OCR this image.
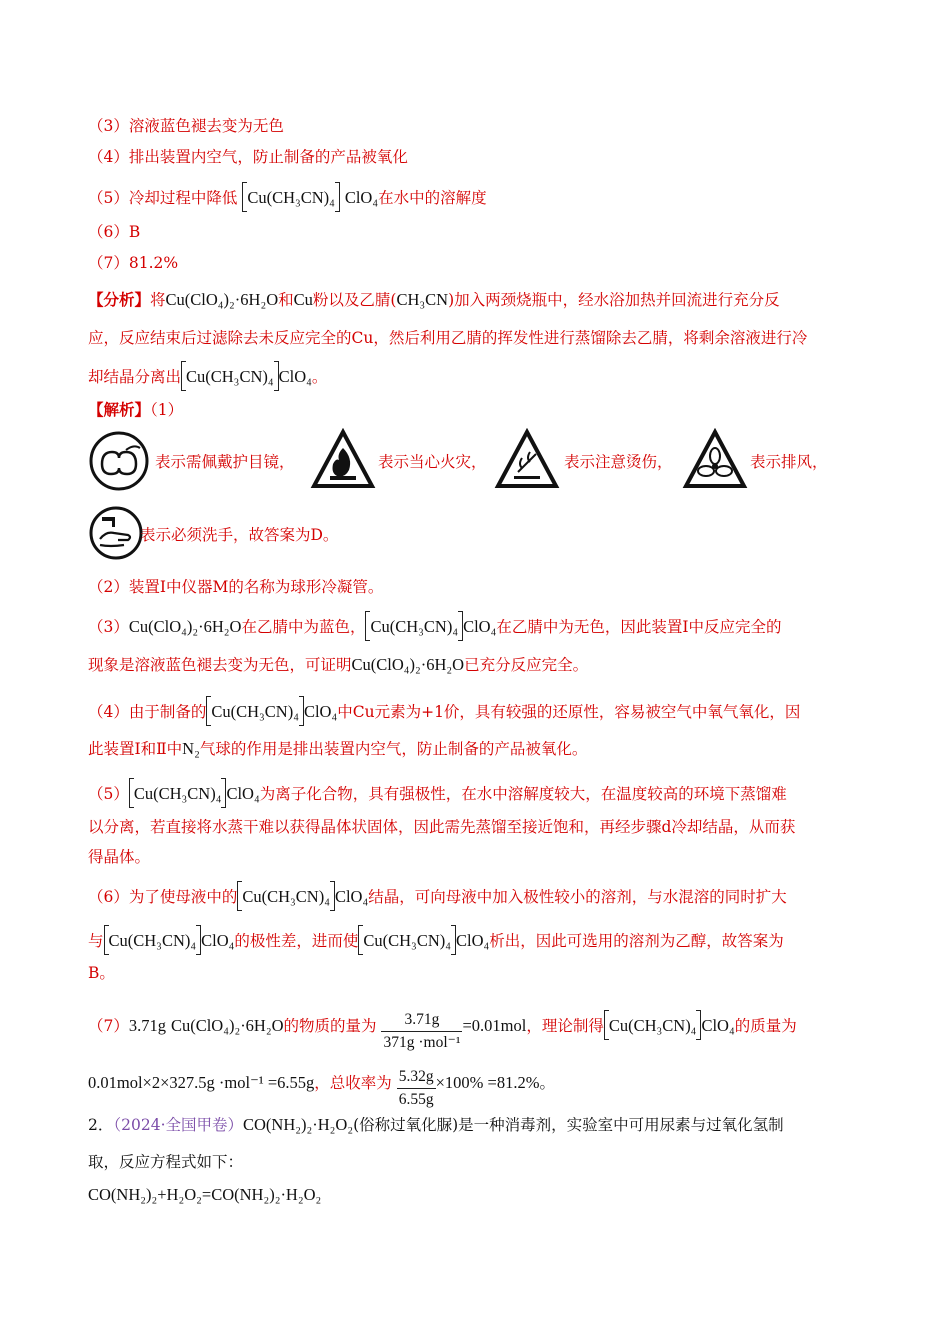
（3）溶液蓝色褪去变为无色
（4）排出装置内空气，防止制备的产品被氧化
（5）冷却过程中降低 Cu(CH₃CN)₄ ClO₄在水中的溶解度
（6）B
（7）81.2%
【分析】将Cu(ClO₄)₂·6H₂O和Cu粉以及乙腈(CH₃CN)加入两颈烧瓶中，经水浴加热并回流进行充分反
应，反应结束后过滤除去未反应完全的Cu，然后利用乙腈的挥发性进行蒸馏除去乙腈，将剩余溶液进行冷
却结晶分离出 Cu(CH₃CN)₄ ClO₄。
【解析】（1）
表示需佩戴护目镜，	表示当心火灾，	表示注意烫伤，	表示排风，
表示必须洗手，故答案为D。
（2）装置Ⅰ中仪器M的名称为球形冷凝管。
（3）Cu(ClO₄)₂·6H₂O在乙腈中为蓝色， Cu(CH₃CN)₄ ClO₄在乙腈中为无色，因此装置Ⅰ中反应完全的
现象是溶液蓝色褪去变为无色，可证明Cu(ClO₄)₂·6H₂O已充分反应完全。
（4）由于制备的 Cu(CH₃CN)₄ ClO₄中Cu元素为+1价，具有较强的还原性，容易被空气中氧气氧化，因
此装置Ⅰ和Ⅱ中N₂气球的作用是排出装置内空气，防止制备的产品被氧化。
（5） Cu(CH₃CN)₄ ClO₄为离子化合物，具有强极性，在水中溶解度较大，在温度较高的环境下蒸馏难
以分离，若直接将水蒸干难以获得晶体状固体，因此需先蒸馏至接近饱和，再经步骤d冷却结晶，从而获
得晶体。
（6）为了使母液中的 Cu(CH₃CN)₄ ClO₄结晶，可向母液中加入极性较小的溶剂，与水混溶的同时扩大
与 Cu(CH₃CN)₄ ClO₄的极性差，进而使 Cu(CH₃CN)₄ ClO₄析出，因此可选用的溶剂为乙醇，故答案为
B。
（7）3.71g Cu(ClO₄)₂·6H₂O的物质的量为 $\frac{3.71g}{\text{371g ·mol⁻¹}} =0.01mol$，理论制得 Cu(CH₃CN)₄ ClO₄的质量为
0.01mol×2×327.5g ·mol⁻¹ =6.55g，总收率为 $\frac{5.32g}{6.55g} \times 100\% =81.2\%$。
2．（2024·全国甲卷）CO(NH₂)₂·H₂O₂(俗称过氧化脲)是一种消毒剂，实验室中可用尿素与过氧化氢制
取，反应方程式如下：
CO(NH₂)₂+H₂O₂=CO(NH₂)₂·H₂O₂
